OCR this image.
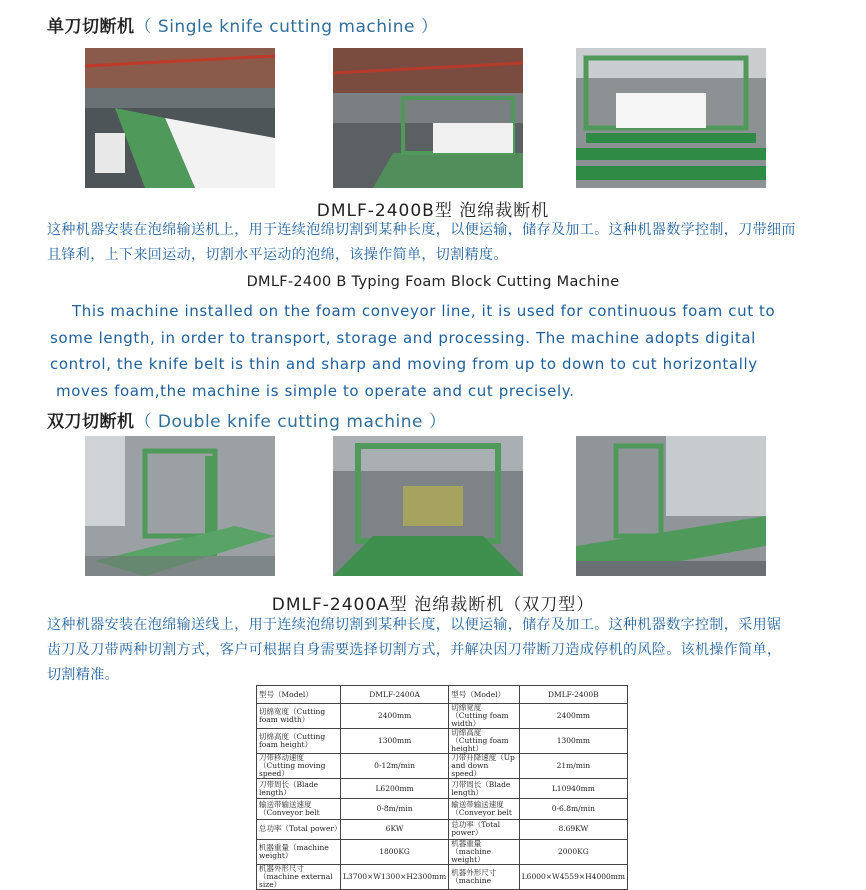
单刀切断机（ Single knife cutting machine ）
DMLF-2400B型 泡绵裁断机
这种机器安装在泡绵输送机上，用于连续泡绵切割到某种长度，以便运输，储存及加工。这种机器数学控制，刀带细而且锋利，上下来回运动，切割水平运动的泡绵，该操作简单，切割精度。
DMLF-2400 B Typing Foam Block Cutting Machine
This machine installed on the foam conveyor line, it is used for continuous foam cut to
some length, in order to transport, storage and processing. The machine adopts digital
control, the knife belt is thin and sharp and moving from up to down to cut horizontally
moves foam,the machine is simple to operate and cut precisely.
双刀切断机（ Double knife cutting machine ）
DMLF-2400A型 泡绵裁断机（双刀型）
这种机器安装在泡绵输送线上，用于连续泡绵切割到某种长度，以便运输，储存及加工。这种机器数字控制，采用锯齿刀及刀带两种切割方式，客户可根据自身需要选择切割方式，并解决因刀带断刀造成停机的风险。该机操作简单，切割精准。
型号（Model）	DMLF-2400A	型号（Model）	DMLF-2400B
切绵宽度（Cutting foam width）	2400mm	切绵宽度（Cutting foam width）	2400mm
切绵高度（Cutting foam height）	1300mm	切绵高度（Cutting foam height）	1300mm
刀带移动速度（Cutting moving speed）	0-12m/min	刀带升降速度（Up and down speed）	21m/min
刀带周长（Blade length）	L6200mm	刀带周长（Blade length）	L10940mm
输送带输送速度（Conveyor belt	0-8m/min	输送带输送速度（Conveyor belt	0-6.8m/min
总功率（Total power）	6KW	总功率（Total power）	8.69KW
机器重量（machine weight）	1800KG	机器重量（machine weight）	2000KG
机器外形尺寸（machine external size）	L3700×W1300×H2300mm	机器外形尺寸（machine	L6000×W4559×H4000mm
